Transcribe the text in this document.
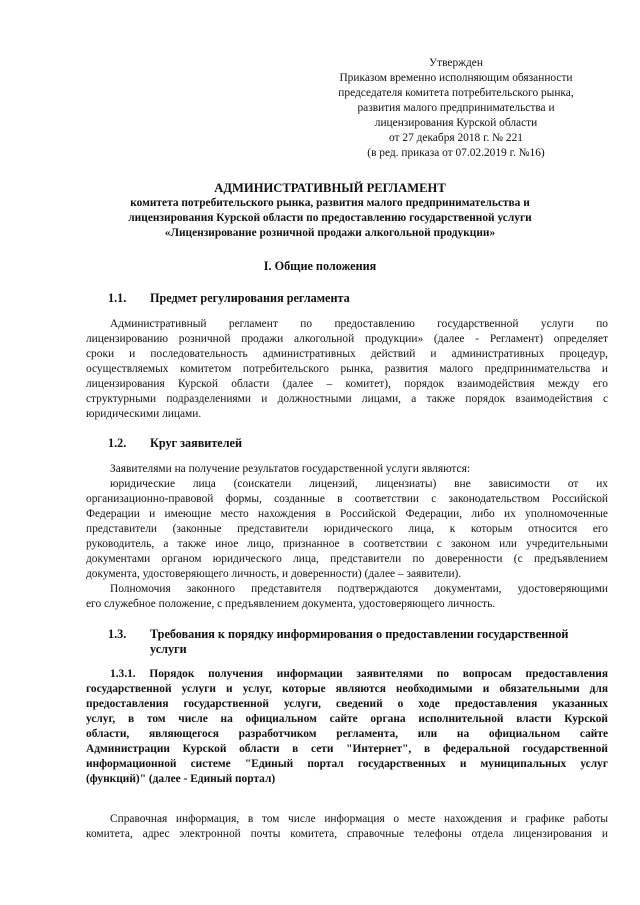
Утвержден
Приказом временно исполняющим обязанности
председателя комитета потребительского рынка,
развития малого предпринимательства и
лицензирования Курской области
от 27 декабря 2018 г. № 221
(в ред. приказа от 07.02.2019 г. №16)
АДМИНИСТРАТИВНЫЙ РЕГЛАМЕНТ
комитета потребительского рынка, развития малого предпринимательства и
лицензирования Курской области по предоставлению государственной услуги
«Лицензирование розничной продажи алкогольной продукции»
I. Общие положения
1.1. Предмет регулирования регламента
Административный регламент по предоставлению государственной услуги по
лицензированию розничной продажи алкогольной продукции» (далее - Регламент) определяет
сроки и последовательность административных действий и административных процедур,
осуществляемых комитетом потребительского рынка, развития малого предпринимательства и
лицензирования Курской области (далее – комитет), порядок взаимодействия между его
структурными подразделениями и должностными лицами, а также порядок взаимодействия с
юридическими лицами.
1.2. Круг заявителей
Заявителями на получение результатов государственной услуги являются:
юридические лица (соискатели лицензий, лицензиаты) вне зависимости от их
организационно-правовой формы, созданные в соответствии с законодательством Российской
Федерации и имеющие место нахождения в Российской Федерации, либо их уполномоченные
представители (законные представители юридического лица, к которым относится его
руководитель, а также иное лицо, признанное в соответствии с законом или учредительными
документами органом юридического лица, представители по доверенности (с предъявлением
документа, удостоверяющего личность, и доверенности) (далее – заявители).
Полномочия законного представителя подтверждаются документами, удостоверяющими
его служебное положение, с предъявлением документа, удостоверяющего личность.
1.3. Требования к порядку информирования о предоставлении государственной
услуги
1.3.1. Порядок получения информации заявителями по вопросам предоставления
государственной услуги и услуг, которые являются необходимыми и обязательными для
предоставления государственной услуги, сведений о ходе предоставления указанных
услуг, в том числе на официальном сайте органа исполнительной власти Курской
области, являющегося разработчиком регламента, или на официальном сайте
Администрации Курской области в сети "Интернет", в федеральной государственной
информационной системе "Единый портал государственных и муниципальных услуг
(функций)" (далее - Единый портал)
Справочная информация, в том числе информация о месте нахождения и графике работы
комитета, адрес электронной почты комитета, справочные телефоны отдела лицензирования и
